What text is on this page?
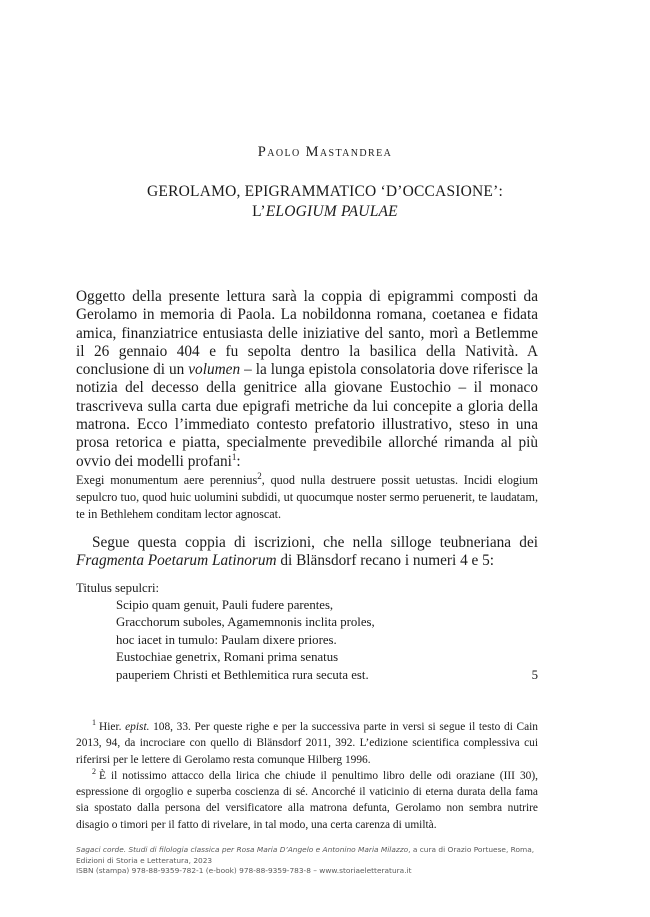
Paolo Mastandrea
GEROLAMO, EPIGRAMMATICO ‘D’OCCASIONE’:
L’ELOGIUM PAULAE

Oggetto della presente lettura sarà la coppia di epigrammi composti da Gerolamo in memoria di Paola. La nobildonna romana, coetanea e fidata amica, finanziatrice entusiasta delle iniziative del santo, morì a Betlemme il 26 gennaio 404 e fu sepolta dentro la basilica della Natività. A conclusione di un volumen – la lunga epistola consolatoria dove riferisce la notizia del decesso della genitrice alla giovane Eustochio – il monaco trascriveva sulla carta due epigrafi metriche da lui concepite a gloria della matrona. Ecco l’immediato contesto prefatorio illustrativo, steso in una prosa retorica e piatta, specialmente prevedibile allorché rimanda al più ovvio dei modelli profani$^1$:

Exegi monumentum aere perennius$^2$, quod nulla destruere possit uetustas. Incidi elogium sepulcro tuo, quod huic uolumini subdidi, ut quocumque noster sermo peruenerit, te laudatam, te in Bethlehem conditam lector agnoscat.

Segue questa coppia di iscrizioni, che nella silloge teubneriana dei Fragmenta Poetarum Latinorum di Blänsdorf recano i numeri 4 e 5:

Titulus sepulcri:
Scipio quam genuit, Pauli fudere parentes,
Gracchorum suboles, Agamemnonis inclita proles,
hoc iacet in tumulo: Paulam dixere priores.
Eustochiae genetrix, Romani prima senatus
pauperiem Christi et Bethlemitica rura secuta est.	5

$^1$ Hier. epist. 108, 33. Per queste righe e per la successiva parte in versi si segue il testo di Cain 2013, 94, da incrociare con quello di Blänsdorf 2011, 392. L’edizione scientifica complessiva cui riferirsi per le lettere di Gerolamo resta comunque Hilberg 1996.

$^2$ È il notissimo attacco della lirica che chiude il penultimo libro delle odi oraziane (III 30), espressione di orgoglio e superba coscienza di sé. Ancorché il vaticinio di eterna durata della fama sia spostato dalla persona del versificatore alla matrona defunta, Gerolamo non sembra nutrire disagio o timori per il fatto di rivelare, in tal modo, una certa carenza di umiltà.

Sagaci corde. Studi di filologia classica per Rosa Maria D’Angelo e Antonino Maria Milazzo, a cura di Orazio Portuese, Roma, Edizioni di Storia e Letteratura, 2023
ISBN (stampa) 978-88-9359-782-1 (e-book) 978-88-9359-783-8 – www.storiaeletteratura.it
